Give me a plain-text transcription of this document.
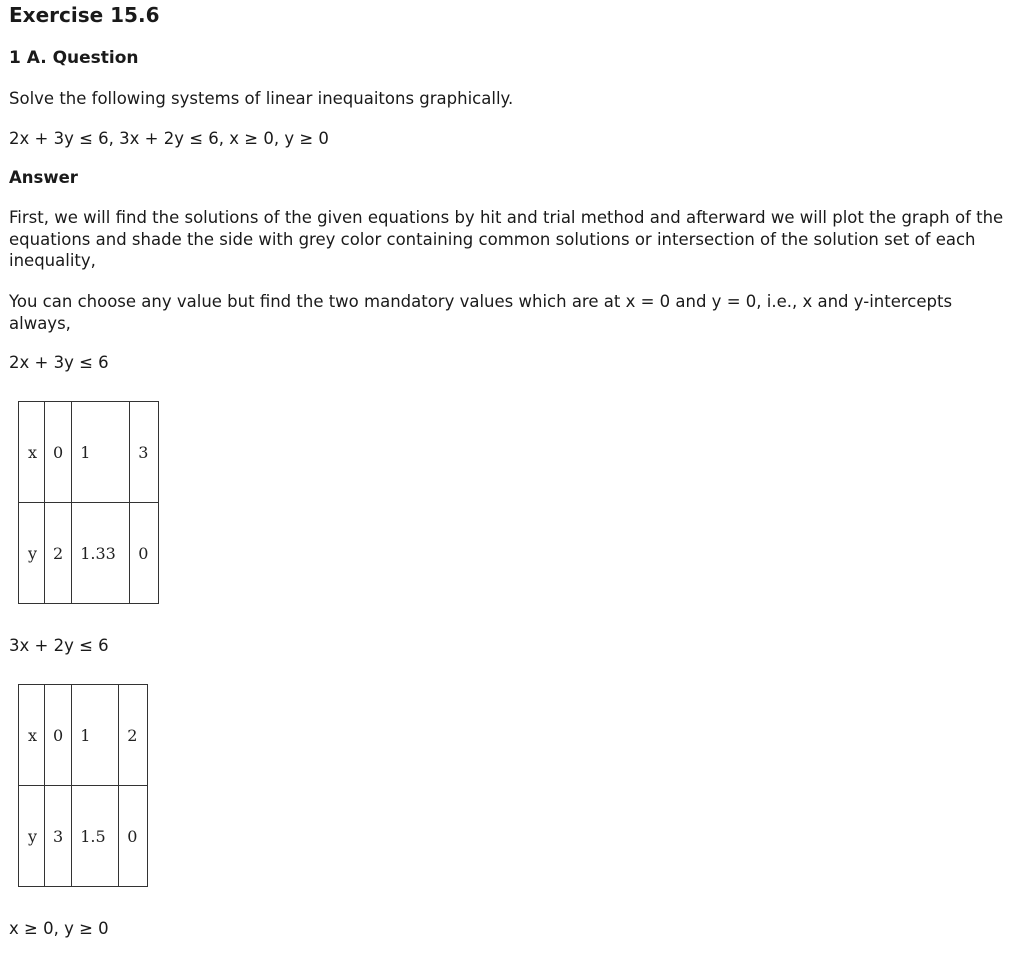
Exercise 15.6
1 A. Question
Solve the following systems of linear inequaitons graphically.
2x + 3y ≤ 6, 3x + 2y ≤ 6, x ≥ 0, y ≥ 0
Answer
First, we will find the solutions of the given equations by hit and trial method and afterward we will plot the graph of the equations and shade the side with grey color containing common solutions or intersection of the solution set of each inequality,
You can choose any value but find the two mandatory values which are at x = 0 and y = 0, i.e., x and y-intercepts always,
2x + 3y ≤ 6
x	0	1	3
y	2	1.33	0
3x + 2y ≤ 6
x	0	1	2
y	3	1.5	0
x ≥ 0, y ≥ 0
